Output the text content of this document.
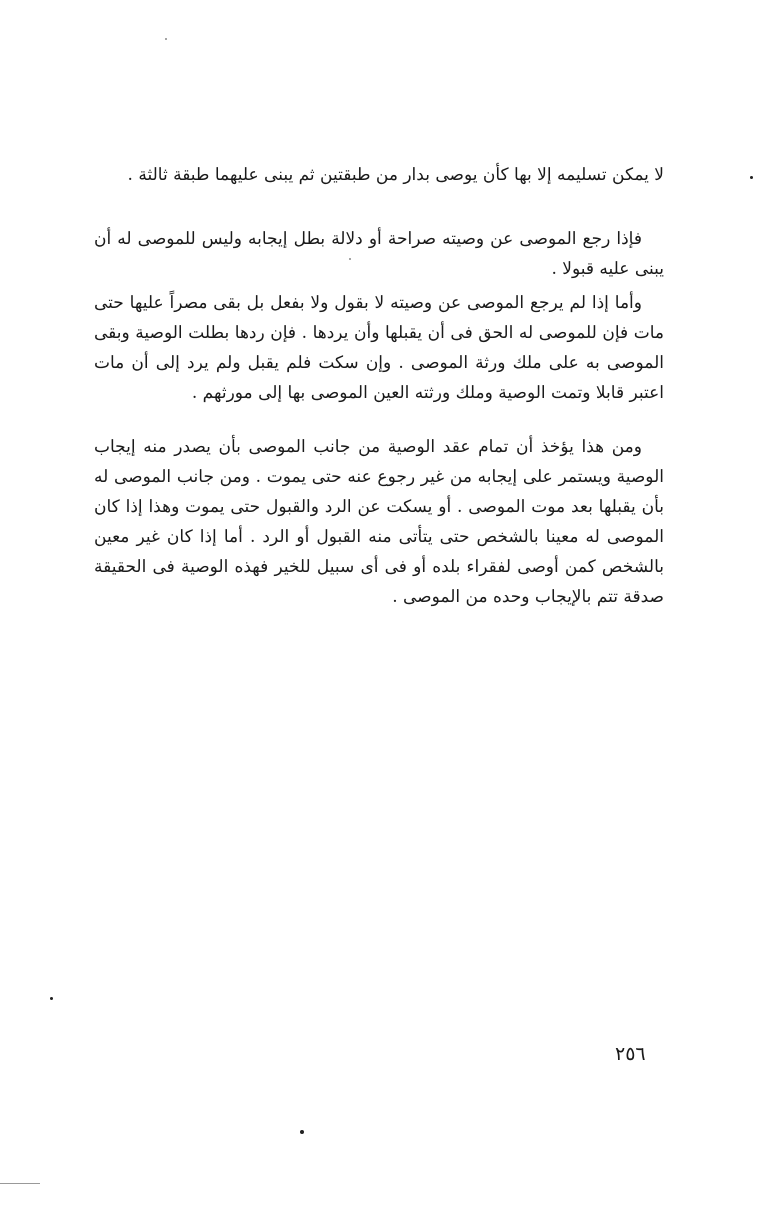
لا يمكن تسليمه إلا بها كأن يوصى بدار من طبقتين ثم يبنى عليهما طبقة ثالثة .

فإذا رجع الموصى عن وصيته صراحة أو دلالة بطل إيجابه وليس للموصى له أن يبنى عليه قبولا .

وأما إذا لم يرجع الموصى عن وصيته لا بقول ولا بفعل بل بقى مصراً عليها حتى مات فإن للموصى له الحق فى أن يقبلها وأن يردها . فإن ردها بطلت الوصية وبقى الموصى به على ملك ورثة الموصى . وإن سكت فلم يقبل ولم يرد إلى أن مات اعتبر قابلا وتمت الوصية وملك ورثته العين الموصى بها إلى مورثهم .

ومن هذا يؤخذ أن تمام عقد الوصية من جانب الموصى بأن يصدر منه إيجاب الوصية ويستمر على إيجابه من غير رجوع عنه حتى يموت . ومن جانب الموصى له بأن يقبلها بعد موت الموصى . أو يسكت عن الرد والقبول حتى يموت وهذا إذا كان الموصى له معينا بالشخص حتى يتأتى منه القبول أو الرد . أما إذا كان غير معين بالشخص كمن أوصى لفقراء بلده أو فى أى سبيل للخير فهذه الوصية فى الحقيقة صدقة تتم بالإيجاب وحده من الموصى .

٢٥٦
